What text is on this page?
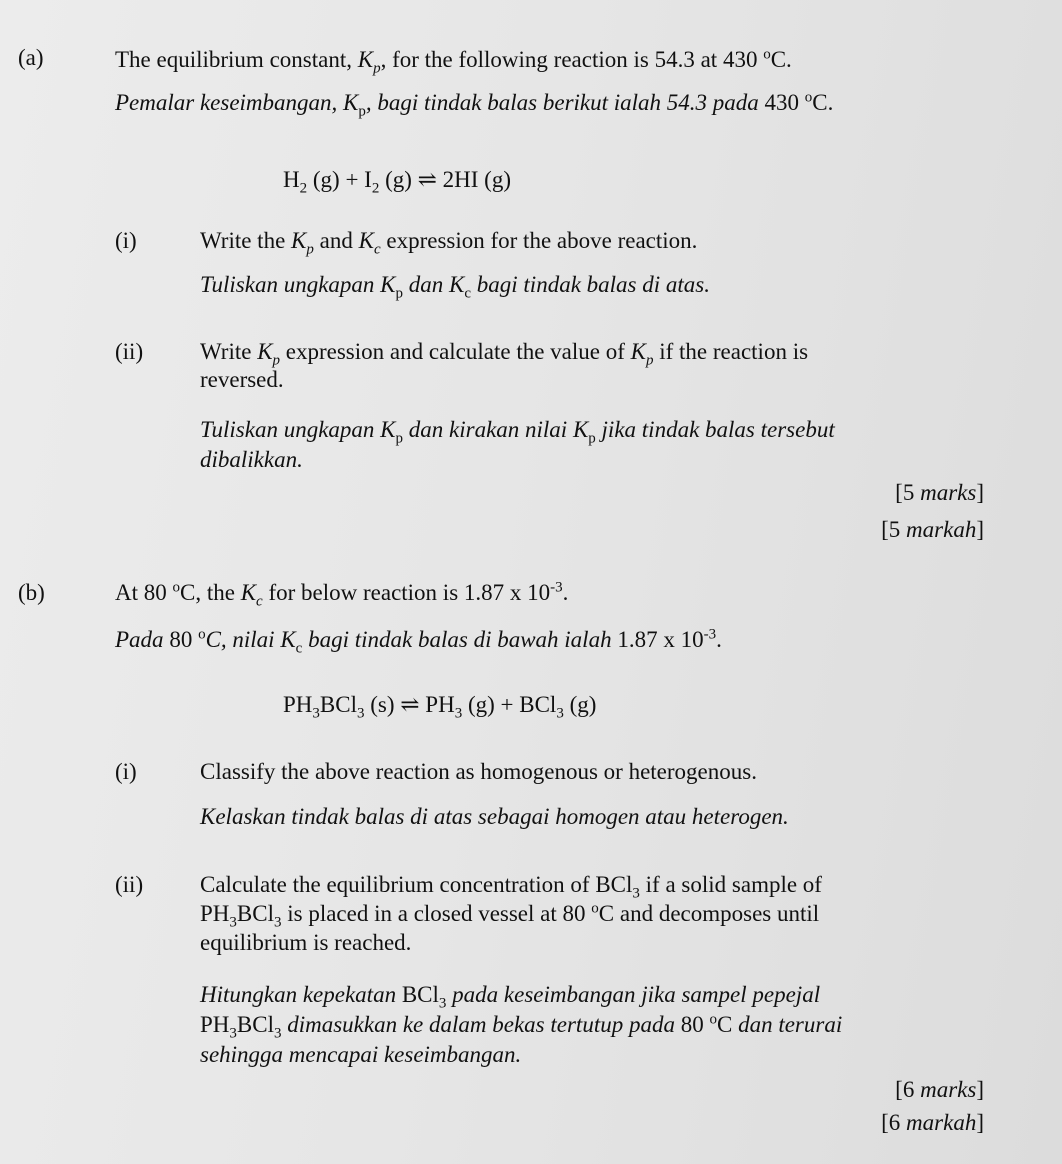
(a)	The equilibrium constant, $K_p$, for the following reaction is 54.3 at 430 $^o$C.
Pemalar keseimbangan, $K_p$, bagi tindak balas berikut ialah 54.3 pada 430 $^o$C.
$H_2$ $(g) + I_2$ (g) ⇌ 2HI (g)
(i)	Write the $K_p$ and $K_c$ expression for the above reaction.
Tuliskan ungkapan $K_p$ dan $K_c$ bagi tindak balas di atas.
(ii) Write $K_p$ expression and calculate the value of $K_p$ if the reaction is
reversed.
Tuliskan ungkapan $K_p$ dan kirakan nilai $K_p$ jika tindak balas tersebut
dibalikkan.
[5 marks]
[5 markah]
(b)	At 80 $^o$C, the $K_c$ for below reaction is 1.87 x $10^{-3}$.
Pada 80 $^o$C, nilai $K_c$ bagi tindak balas di bawah ialah 1.87 x $10^{-3}$.
$PH_3BCl_3$ (s) ⇌ $PH_3$ (g) + BCl$_3$ (g)
(i)	Classify the above reaction as homogenous or heterogenous.
Kelaskan tindak balas di atas sebagai homogen atau heterogen.
(ii) Calculate the equilibrium concentration of BCl$_3$ if a solid sample of
$PH_3BCl_3$ is placed in a closed vessel at 80 $^o$C and decomposes until
equilibrium is reached.
Hitungkan kepekatan BCl$_3$ pada keseimbangan jika sampel pepejal
$PH_3BCl_3$ dimasukkan ke dalam bekas tertutup pada 80 $^o$C dan terurai
sehingga mencapai keseimbangan.
[6 marks]
[6 markah]
